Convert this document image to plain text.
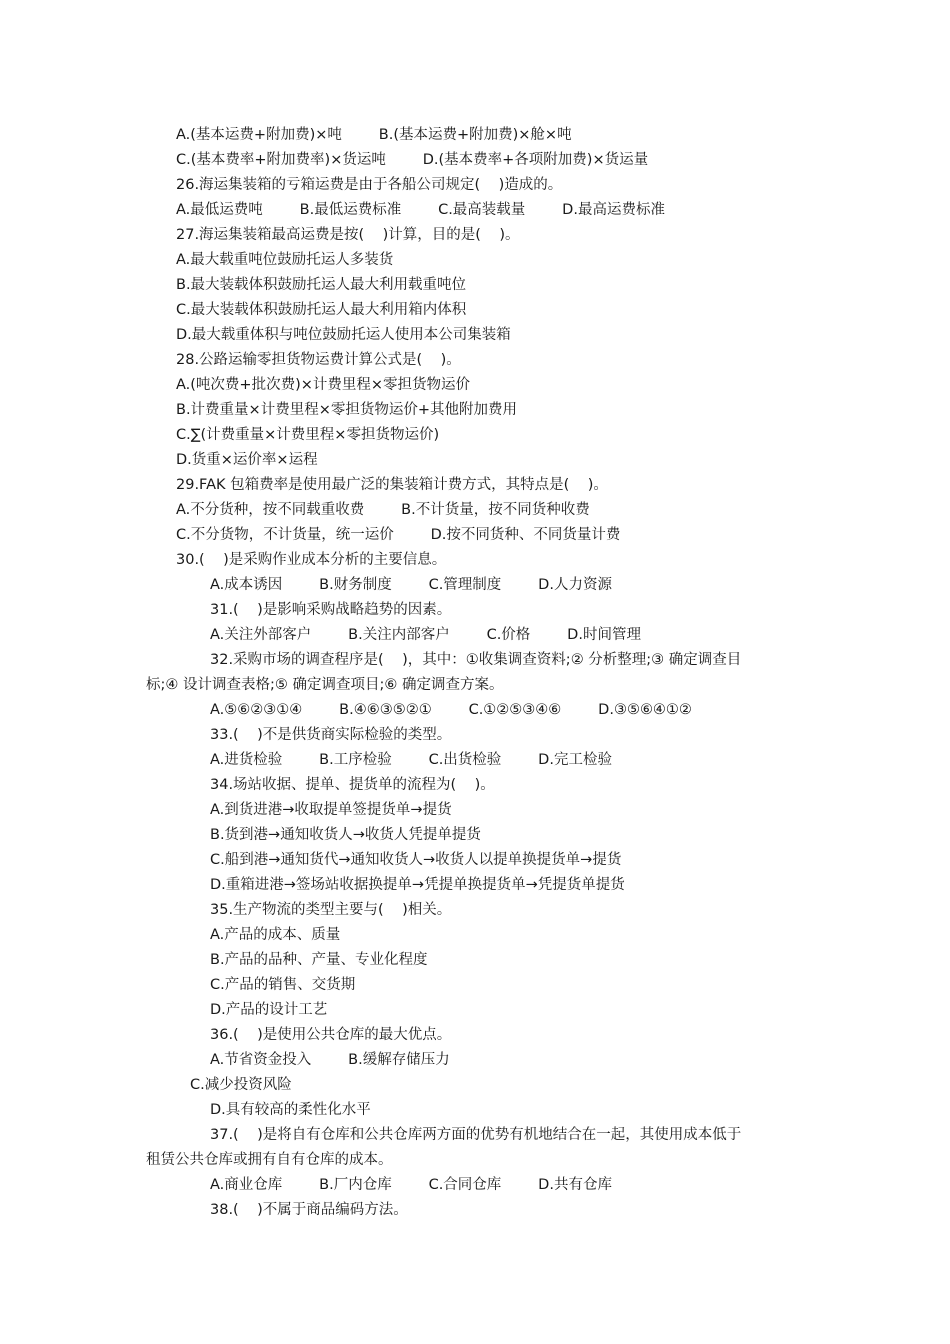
A.(基本运费+附加费)×吨        B.(基本运费+附加费)×舱×吨
C.(基本费率+附加费率)×货运吨        D.(基本费率+各项附加费)×货运量
26.海运集装箱的亏箱运费是由于各船公司规定(    )造成的。
A.最低运费吨        B.最低运费标准        C.最高装载量        D.最高运费标准
27.海运集装箱最高运费是按(    )计算，目的是(    )。
A.最大载重吨位鼓励托运人多装货
B.最大装载体积鼓励托运人最大利用载重吨位
C.最大装载体积鼓励托运人最大利用箱内体积
D.最大载重体积与吨位鼓励托运人使用本公司集装箱
28.公路运输零担货物运费计算公式是(    )。
A.(吨次费+批次费)×计费里程×零担货物运价
B.计费重量×计费里程×零担货物运价+其他附加费用
C.∑(计费重量×计费里程×零担货物运价)
D.货重×运价率×运程
29.FAK 包箱费率是使用最广泛的集装箱计费方式，其特点是(    )。
A.不分货种，按不同载重收费        B.不计货量，按不同货种收费
C.不分货物，不计货量，统一运价        D.按不同货种、不同货量计费
30.(    )是采购作业成本分析的主要信息。
A.成本诱因        B.财务制度        C.管理制度        D.人力资源
31.(    )是影响采购战略趋势的因素。
A.关注外部客户        B.关注内部客户        C.价格        D.时间管理
32.采购市场的调查程序是(    )，其中：①收集调查资料;② 分析整理;③ 确定调查目
标;④ 设计调查表格;⑤ 确定调查项目;⑥ 确定调查方案。
A.⑤⑥②③①④        B.④⑥③⑤②①        C.①②⑤③④⑥        D.③⑤⑥④①②
33.(    )不是供货商实际检验的类型。
A.进货检验        B.工序检验        C.出货检验        D.完工检验
34.场站收据、提单、提货单的流程为(    )。
A.到货进港→收取提单签提货单→提货
B.货到港→通知收货人→收货人凭提单提货
C.船到港→通知货代→通知收货人→收货人以提单换提货单→提货
D.重箱进港→签场站收据换提单→凭提单换提货单→凭提货单提货
35.生产物流的类型主要与(    )相关。
A.产品的成本、质量
B.产品的品种、产量、专业化程度
C.产品的销售、交货期
D.产品的设计工艺
36.(    )是使用公共仓库的最大优点。
A.节省资金投入        B.缓解存储压力
C.减少投资风险
D.具有较高的柔性化水平
37.(    )是将自有仓库和公共仓库两方面的优势有机地结合在一起，其使用成本低于
租赁公共仓库或拥有自有仓库的成本。
A.商业仓库        B.厂内仓库        C.合同仓库        D.共有仓库
38.(    )不属于商品编码方法。
